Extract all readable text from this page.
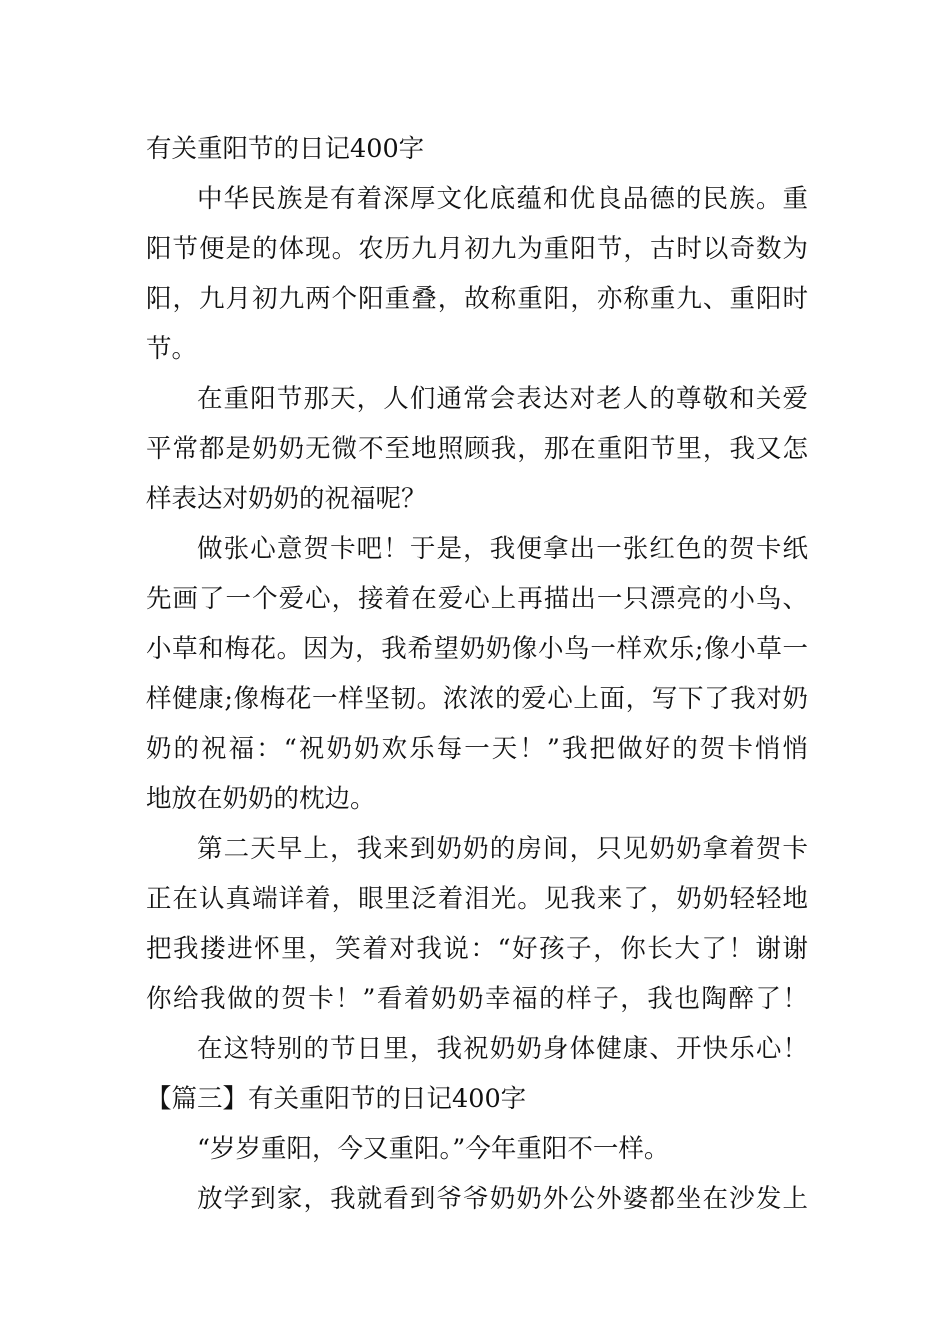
有关重阳节的日记400字
中华民族是有着深厚文化底蕴和优良品德的民族。重
阳节便是的体现。农历九月初九为重阳节，古时以奇数为
阳，九月初九两个阳重叠，故称重阳，亦称重九、重阳时
节。
在重阳节那天，人们通常会表达对老人的尊敬和关爱
平常都是奶奶无微不至地照顾我，那在重阳节里，我又怎
样表达对奶奶的祝福呢？
做张心意贺卡吧！于是，我便拿出一张红色的贺卡纸
先画了一个爱心，接着在爱心上再描出一只漂亮的小鸟、
小草和梅花。因为，我希望奶奶像小鸟一样欢乐;像小草一
样健康;像梅花一样坚韧。浓浓的爱心上面，写下了我对奶
奶的祝福：“祝奶奶欢乐每一天！”我把做好的贺卡悄悄
地放在奶奶的枕边。
第二天早上，我来到奶奶的房间，只见奶奶拿着贺卡
正在认真端详着，眼里泛着泪光。见我来了，奶奶轻轻地
把我搂进怀里，笑着对我说：“好孩子，你长大了！谢谢
你给我做的贺卡！”看着奶奶幸福的样子，我也陶醉了！
在这特别的节日里，我祝奶奶身体健康、开快乐心！
【篇三】有关重阳节的日记400字
“岁岁重阳，今又重阳。”今年重阳不一样。
放学到家，我就看到爷爷奶奶外公外婆都坐在沙发上
